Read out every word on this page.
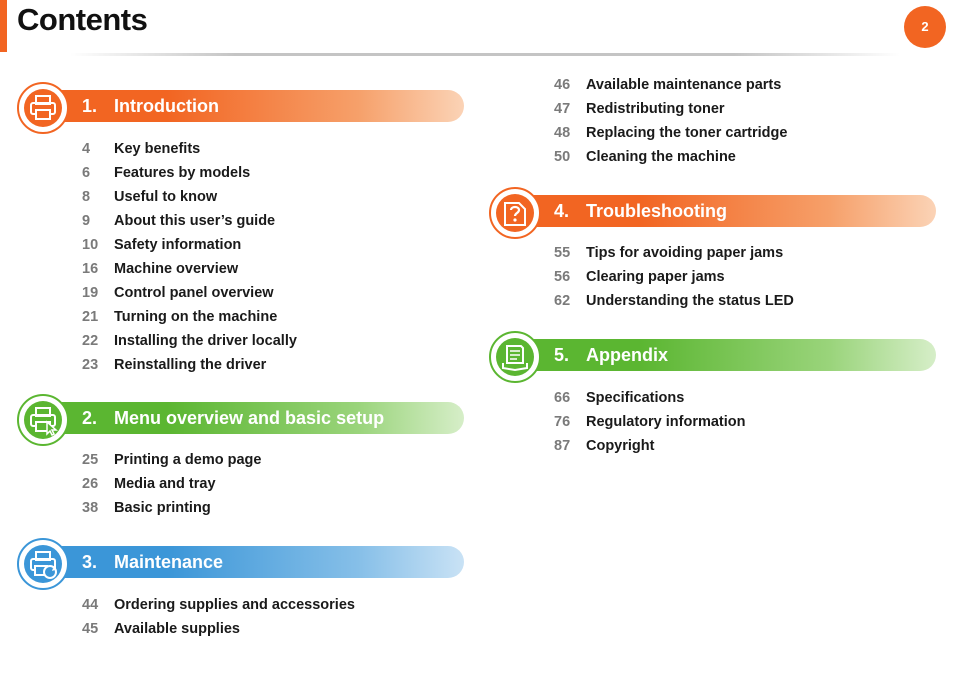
Contents	2
1. Introduction
4 Key benefits
6 Features by models
8 Useful to know
9 About this user’s guide
10 Safety information
16 Machine overview
19 Control panel overview
21 Turning on the machine
22 Installing the driver locally
23 Reinstalling the driver
2. Menu overview and basic setup
25 Printing a demo page
26 Media and tray
38 Basic printing
3. Maintenance
44 Ordering supplies and accessories
45 Available supplies
46 Available maintenance parts
47 Redistributing toner
48 Replacing the toner cartridge
50 Cleaning the machine
4. Troubleshooting
55 Tips for avoiding paper jams
56 Clearing paper jams
62 Understanding the status LED
5. Appendix
66 Specifications
76 Regulatory information
87 Copyright
